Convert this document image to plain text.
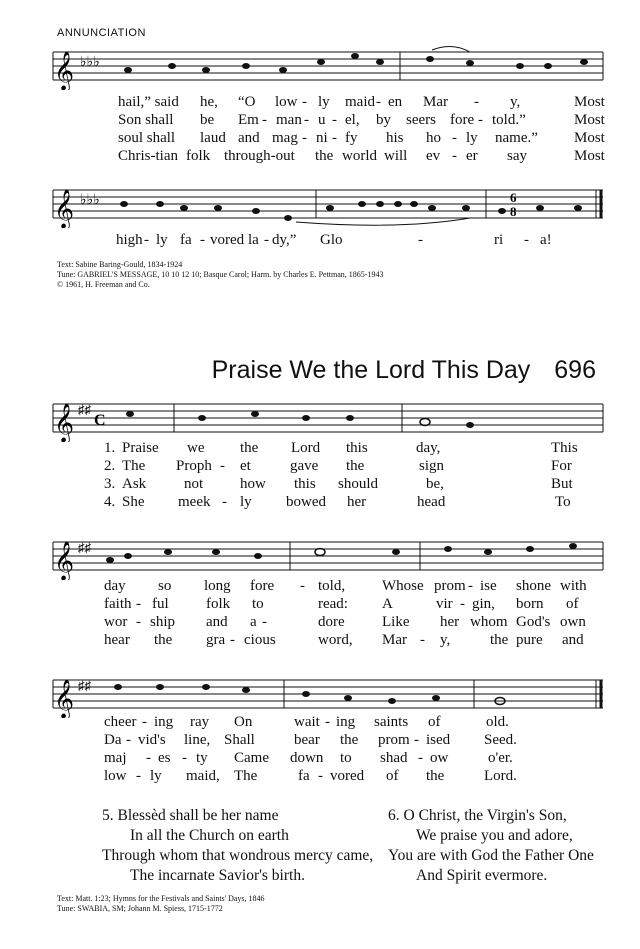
ANNUNCIATION
𝄞 ♭♭♭
hail,” said he, “O low - ly maid - en Mar - y,	Most
Son shall be Em - man - u - el, by seers fore - told.”	Most
soul shall laud and mag - ni - fy his ho - ly name.” Most
Chris-tian folk through-out the world will ev - er say	Most
𝄞 ♭♭♭	6
8
high - ly fa - vored la - dy,” Glo	-	ri - a!
Text: Sabine Baring-Gould, 1834-1924
Tune: GABRIEL'S MESSAGE, 10 10 12 10; Basque Carol; Harm. by Charles E. Pettman, 1865-1943
© 1961, H. Freeman and Co.
Praise We the Lord This Day 696
𝄞 ♯♯
C
1. Praise we the Lord this	day,	This
2. The Proph - et	gave the	sign	For
3. Ask	not how this should	be,	But
4. She meek - ly bowed her	head	To
𝄞 ♯♯
day so long fore - told, Whose prom - ise shone with
faith - ful folk to	read: A	vir - gin, born of
wor - ship and a -	dore Like her whom God's own
hear the gra - cious	word, Mar - y,	the pure and
𝄞 ♯♯
cheer - ing ray On	wait - ing saints of	old.
Da - vid's line, Shall	bear the prom - ised Seed.
maj - es - ty Came down to shad - ow	o'er.
low - ly maid, The	fa - vored of the	Lord.
5. Blessèd shall be her name
In all the Church on earth
Through whom that wondrous mercy came,
The incarnate Savior's birth.
6. O Christ, the Virgin's Son,
We praise you and adore,
You are with God the Father One
And Spirit evermore.
Text: Matt. 1:23; Hymns for the Festivals and Saints' Days, 1846
Tune: SWABIA, SM; Johann M. Spiess, 1715-1772
